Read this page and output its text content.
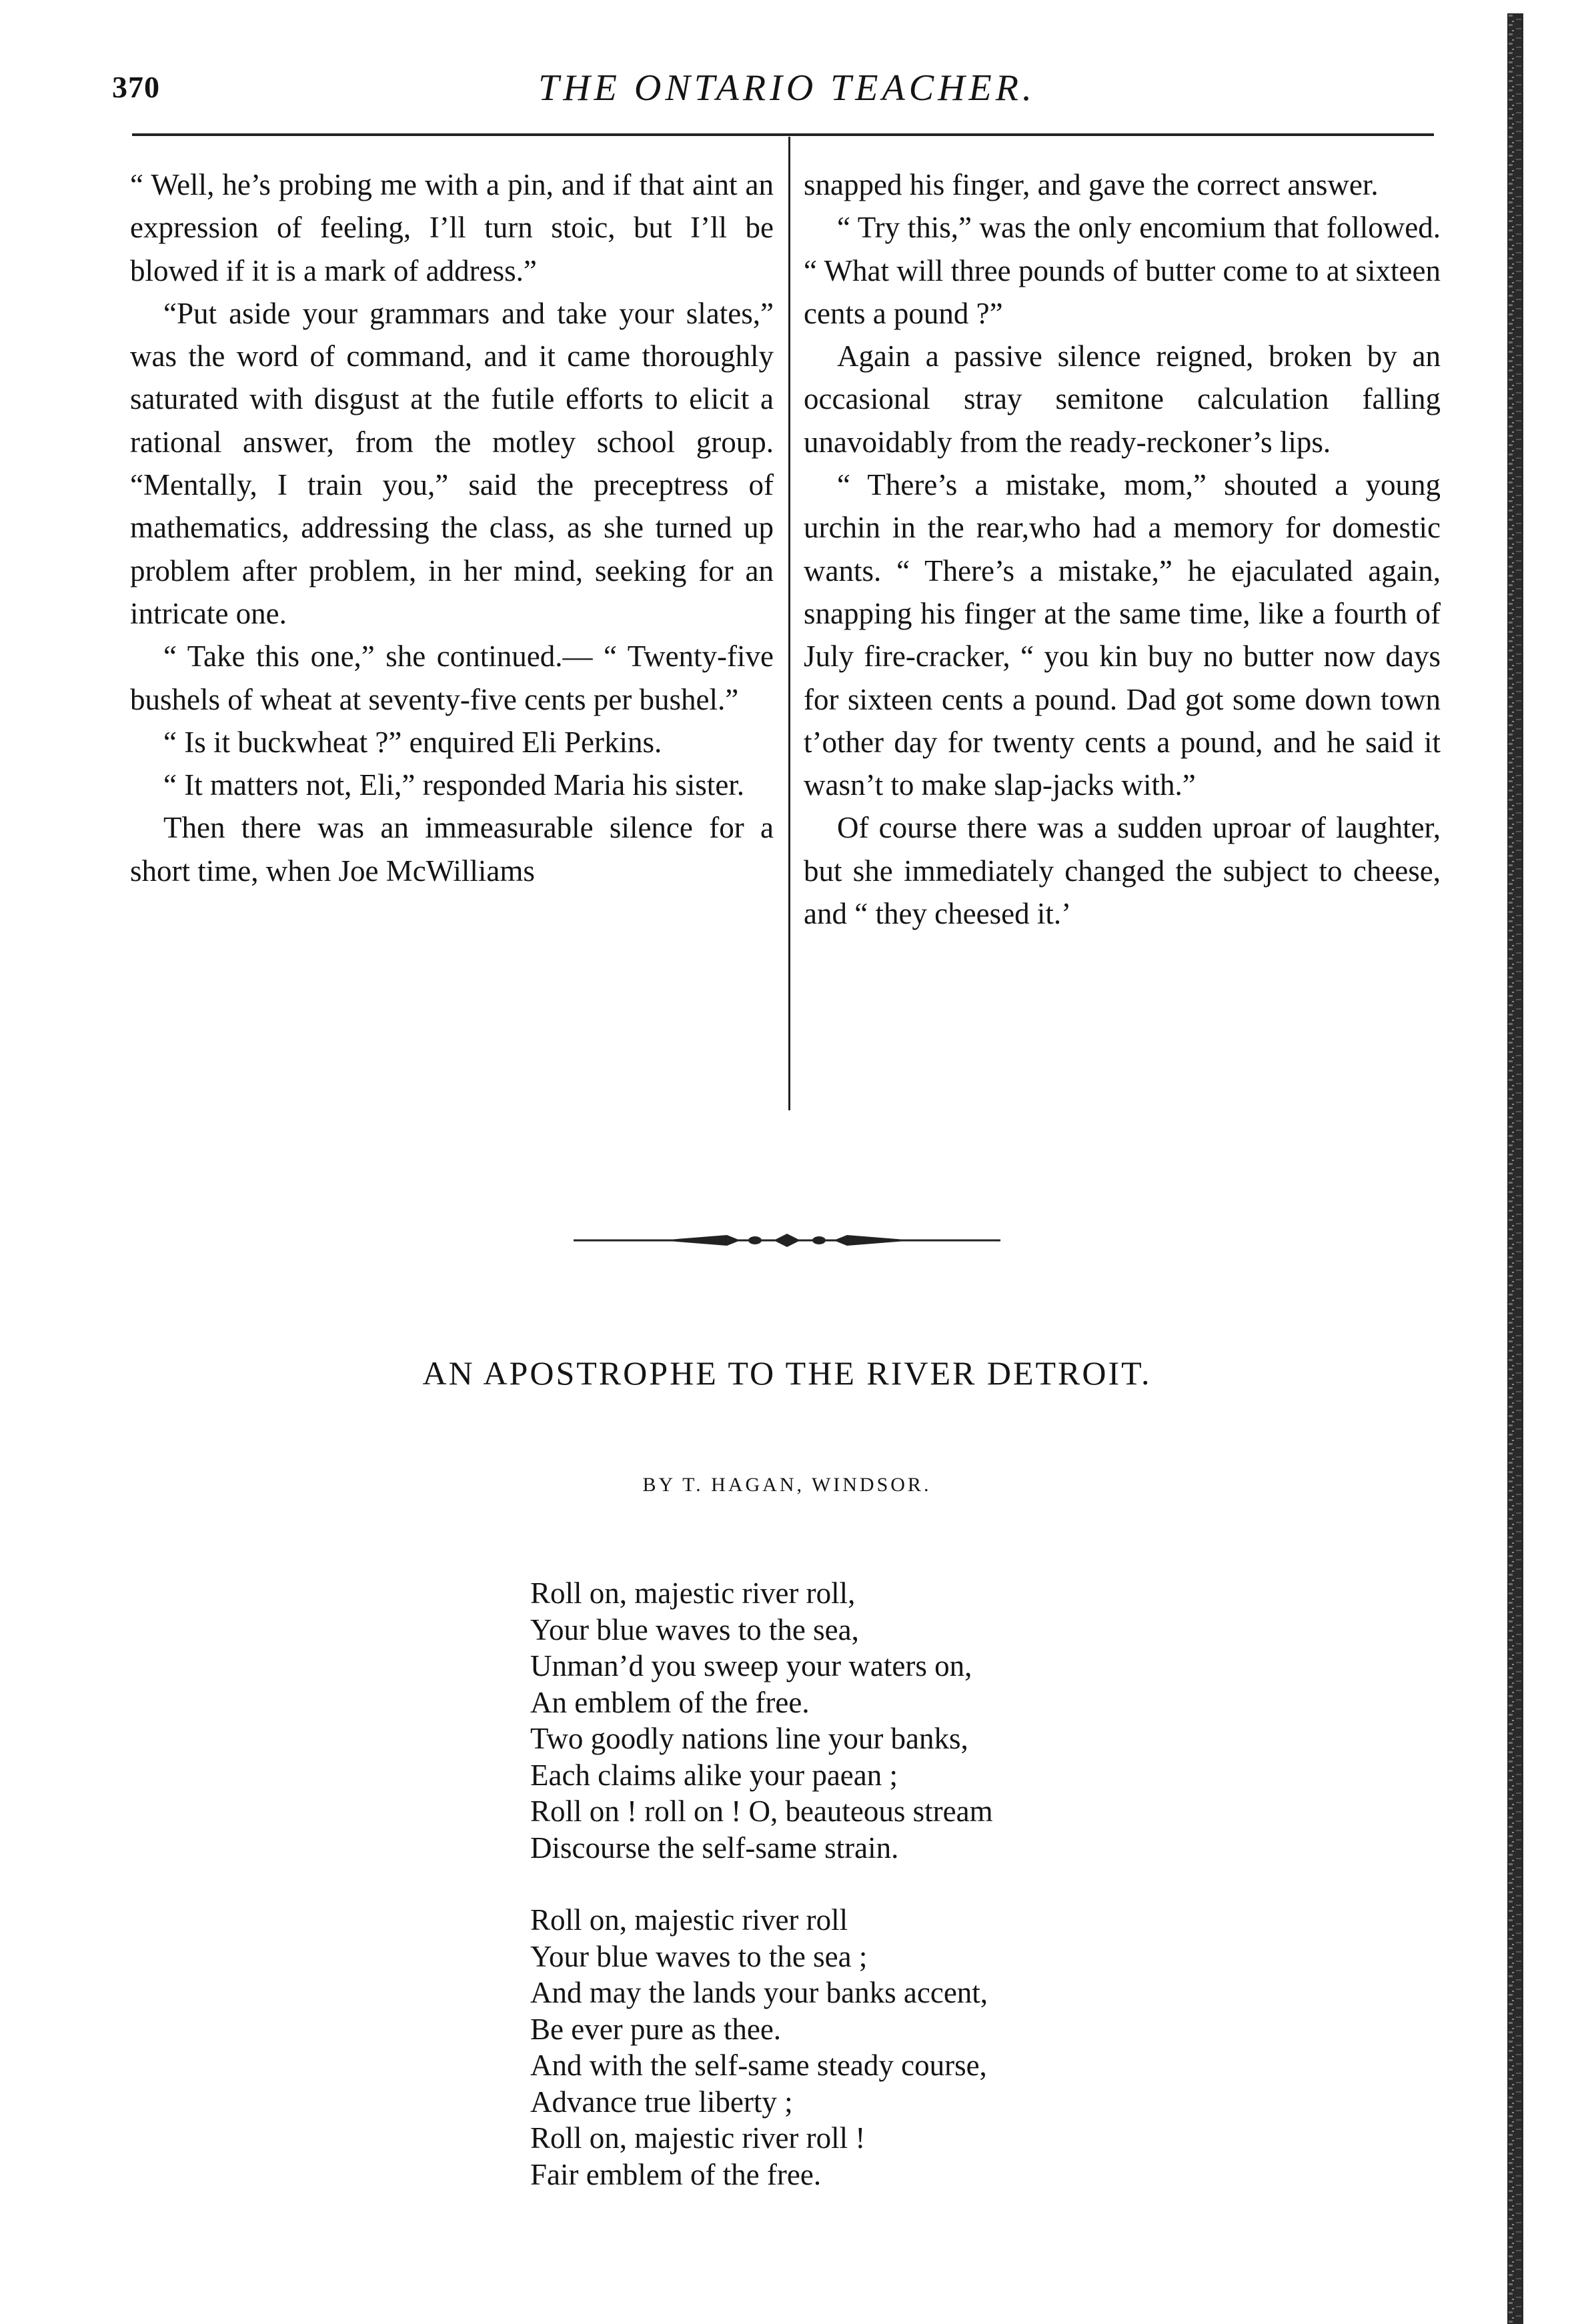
370	THE ONTARIO TEACHER.

“ Well, he’s probing me with a pin, and if that aint an expression of feeling, I’ll turn stoic, but I’ll be blowed if it is a mark of address.”

“Put aside your grammars and take your slates,” was the word of command, and it came thoroughly saturated with disgust at the futile efforts to elicit a rational answer, from the motley school group. “Mentally, I train you,” said the preceptress of mathematics, addressing the class, as she turned up problem after problem, in her mind, seeking for an intricate one.

“ Take this one,” she continued.— “ Twenty-five bushels of wheat at seventy-five cents per bushel.”

“ Is it buckwheat ?” enquired Eli Perkins.

“ It matters not, Eli,” responded Maria his sister.

Then there was an immeasurable silence for a short time, when Joe McWilliams

snapped his finger, and gave the correct answer.

“ Try this,” was the only encomium that followed. “ What will three pounds of butter come to at sixteen cents a pound ?”

Again a passive silence reigned, broken by an occasional stray semitone calculation falling unavoidably from the ready-reckoner’s lips.

“ There’s a mistake, mom,” shouted a young urchin in the rear,who had a memory for domestic wants. “ There’s a mistake,” he ejaculated again, snapping his finger at the same time, like a fourth of July fire-cracker, “ you kin buy no butter now days for sixteen cents a pound. Dad got some down town t’other day for twenty cents a pound, and he said it wasn’t to make slap-jacks with.”

Of course there was a sudden uproar of laughter, but she immediately changed the subject to cheese, and “ they cheesed it.’

AN APOSTROPHE TO THE RIVER DETROIT.
BY T. HAGAN, WINDSOR.
Roll on, majestic river roll,
Your blue waves to the sea,
Unman’d you sweep your waters on,
An emblem of the free.
Two goodly nations line your banks,
Each claims alike your paean ;
Roll on ! roll on ! O, beauteous stream
Discourse the self-same strain.
Roll on, majestic river roll
Your blue waves to the sea ;
And may the lands your banks accent,
Be ever pure as thee.
And with the self-same steady course,
Advance true liberty ;
Roll on, majestic river roll !
Fair emblem of the free.
